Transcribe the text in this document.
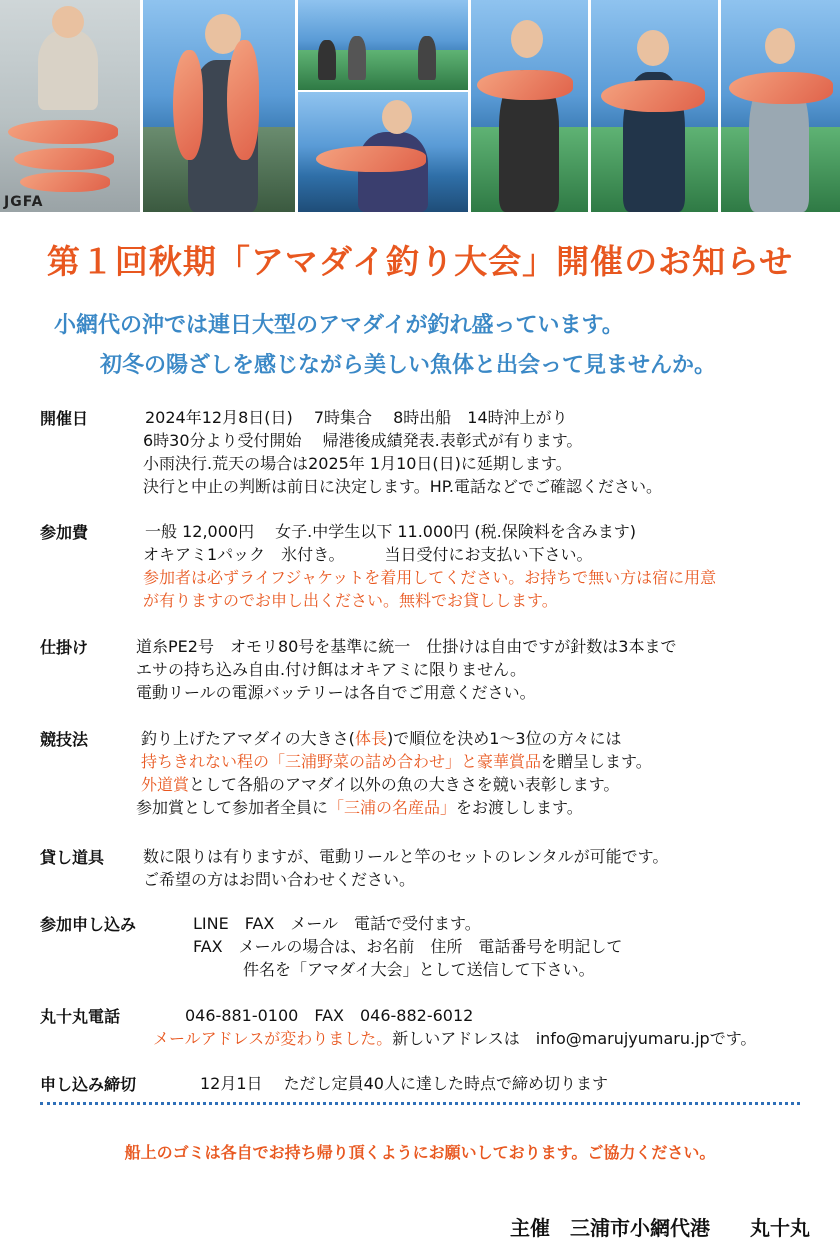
JGFA
第１回秋期「アマダイ釣り大会」開催のお知らせ
小網代の沖では連日大型のアマダイが釣れ盛っています。
初冬の陽ざしを感じながら美しい魚体と出会って見ませんか。
開催日	2024年12月8日(日)　 7時集合　 8時出船　14時沖上がり
6時30分より受付開始　 帰港後成績発表.表彰式が有ります。
小雨決行.荒天の場合は2025年 1月10日(日)に延期します。
決行と中止の判断は前日に決定します。HP.電話などでご確認ください。
参加費	一般 12,000円　 女子.中学生以下 11.000円 (税.保険料を含みます)
オキアミ1パック　氷付き。　　　当日受付にお支払い下さい。
参加者は必ずライフジャケットを着用してください。お持ちで無い方は宿に用意
が有りますのでお申し出ください。無料でお貸しします。
仕掛け	道糸PE2号　オモリ80号を基準に統一　仕掛けは自由ですが針数は3本まで
エサの持ち込み自由.付け餌はオキアミに限りません。
電動リールの電源バッテリーは各自でご用意ください。
競技法	釣り上げたアマダイの大きさ(体長)で順位を決め1～3位の方々には
持ちきれない程の「三浦野菜の詰め合わせ」と豪華賞品を贈呈します。
外道賞として各船のアマダイ以外の魚の大きさを競い表彰します。
参加賞として参加者全員に「三浦の名産品」をお渡しします。
貸し道具 数に限りは有りますが、電動リールと竿のセットのレンタルが可能です。
ご希望の方はお問い合わせください。
参加申し込み	LINE　FAX　メール　電話で受付ます。
FAX　メールの場合は、お名前　住所　電話番号を明記して
件名を「アマダイ大会」として送信して下さい。
丸十丸電話	046-881-0100　FAX　046-882-6012
メールアドレスが変わりました。新しいアドレスは　info@marujyumaru.jpです。
申し込み締切	12月1日　 ただし定員40人に達した時点で締め切ります
船上のゴミは各自でお持ち帰り頂くようにお願いしております。ご協力ください。
主催　三浦市小網代港　　丸十丸
